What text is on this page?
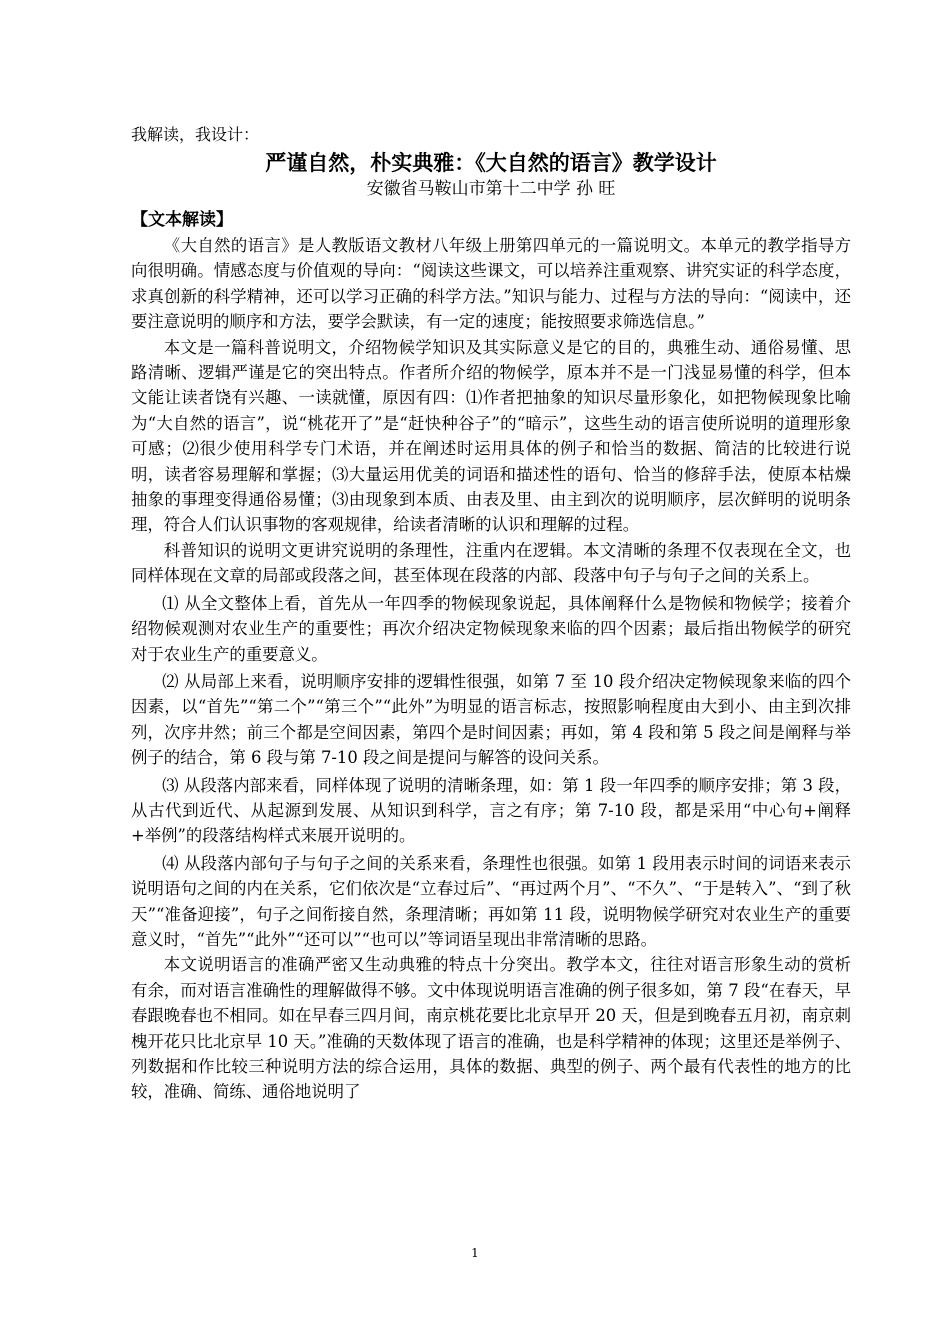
我解读，我设计：

严谨自然，朴实典雅：《大自然的语言》教学设计

安徽省马鞍山市第十二中学 孙 旺

【文本解读】

《大自然的语言》是人教版语文教材八年级上册第四单元的一篇说明文。本单元的教学指导方向很明确。情感态度与价值观的导向：“阅读这些课文，可以培养注重观察、讲究实证的科学态度，求真创新的科学精神，还可以学习正确的科学方法。”知识与能力、过程与方法的导向：“阅读中，还要注意说明的顺序和方法，要学会默读，有一定的速度；能按照要求筛选信息。”

本文是一篇科普说明文，介绍物候学知识及其实际意义是它的目的，典雅生动、通俗易懂、思路清晰、逻辑严谨是它的突出特点。作者所介绍的物候学，原本并不是一门浅显易懂的科学，但本文能让读者饶有兴趣、一读就懂，原因有四：⑴作者把抽象的知识尽量形象化，如把物候现象比喻为“大自然的语言”，说“桃花开了”是“赶快种谷子”的“暗示”，这些生动的语言使所说明的道理形象可感；⑵很少使用科学专门术语，并在阐述时运用具体的例子和恰当的数据、简洁的比较进行说明，读者容易理解和掌握；⑶大量运用优美的词语和描述性的语句、恰当的修辞手法，使原本枯燥抽象的事理变得通俗易懂；⑶由现象到本质、由表及里、由主到次的说明顺序，层次鲜明的说明条理，符合人们认识事物的客观规律，给读者清晰的认识和理解的过程。

科普知识的说明文更讲究说明的条理性，注重内在逻辑。本文清晰的条理不仅表现在全文，也同样体现在文章的局部或段落之间，甚至体现在段落的内部、段落中句子与句子之间的关系上。

⑴ 从全文整体上看，首先从一年四季的物候现象说起，具体阐释什么是物候和物候学；接着介绍物候观测对农业生产的重要性；再次介绍决定物候现象来临的四个因素；最后指出物候学的研究对于农业生产的重要意义。

⑵ 从局部上来看，说明顺序安排的逻辑性很强，如第 7 至 10 段介绍决定物候现象来临的四个因素，以“首先”“第二个”“第三个”“此外”为明显的语言标志，按照影响程度由大到小、由主到次排列，次序井然；前三个都是空间因素，第四个是时间因素；再如，第 4 段和第 5 段之间是阐释与举例子的结合，第 6 段与第 7-10 段之间是提问与解答的设问关系。

⑶ 从段落内部来看，同样体现了说明的清晰条理，如：第 1 段一年四季的顺序安排；第 3 段，从古代到近代、从起源到发展、从知识到科学，言之有序；第 7-10 段，都是采用“中心句+阐释+举例”的段落结构样式来展开说明的。

⑷ 从段落内部句子与句子之间的关系来看，条理性也很强。如第 1 段用表示时间的词语来表示说明语句之间的内在关系，它们依次是“立春过后”、“再过两个月”、“不久”、“于是转入”、“到了秋天”“准备迎接”，句子之间衔接自然，条理清晰；再如第 11 段，说明物候学研究对农业生产的重要意义时，“首先”“此外”“还可以”“也可以”等词语呈现出非常清晰的思路。

本文说明语言的准确严密又生动典雅的特点十分突出。教学本文，往往对语言形象生动的赏析有余，而对语言准确性的理解做得不够。文中体现说明语言准确的例子很多如，第 7 段“在春天，早春跟晚春也不相同。如在早春三四月间，南京桃花要比北京早开 20 天，但是到晚春五月初，南京刺槐开花只比北京早 10 天。”准确的天数体现了语言的准确，也是科学精神的体现；这里还是举例子、列数据和作比较三种说明方法的综合运用，具体的数据、典型的例子、两个最有代表性的地方的比较，准确、简练、通俗地说明了

1
